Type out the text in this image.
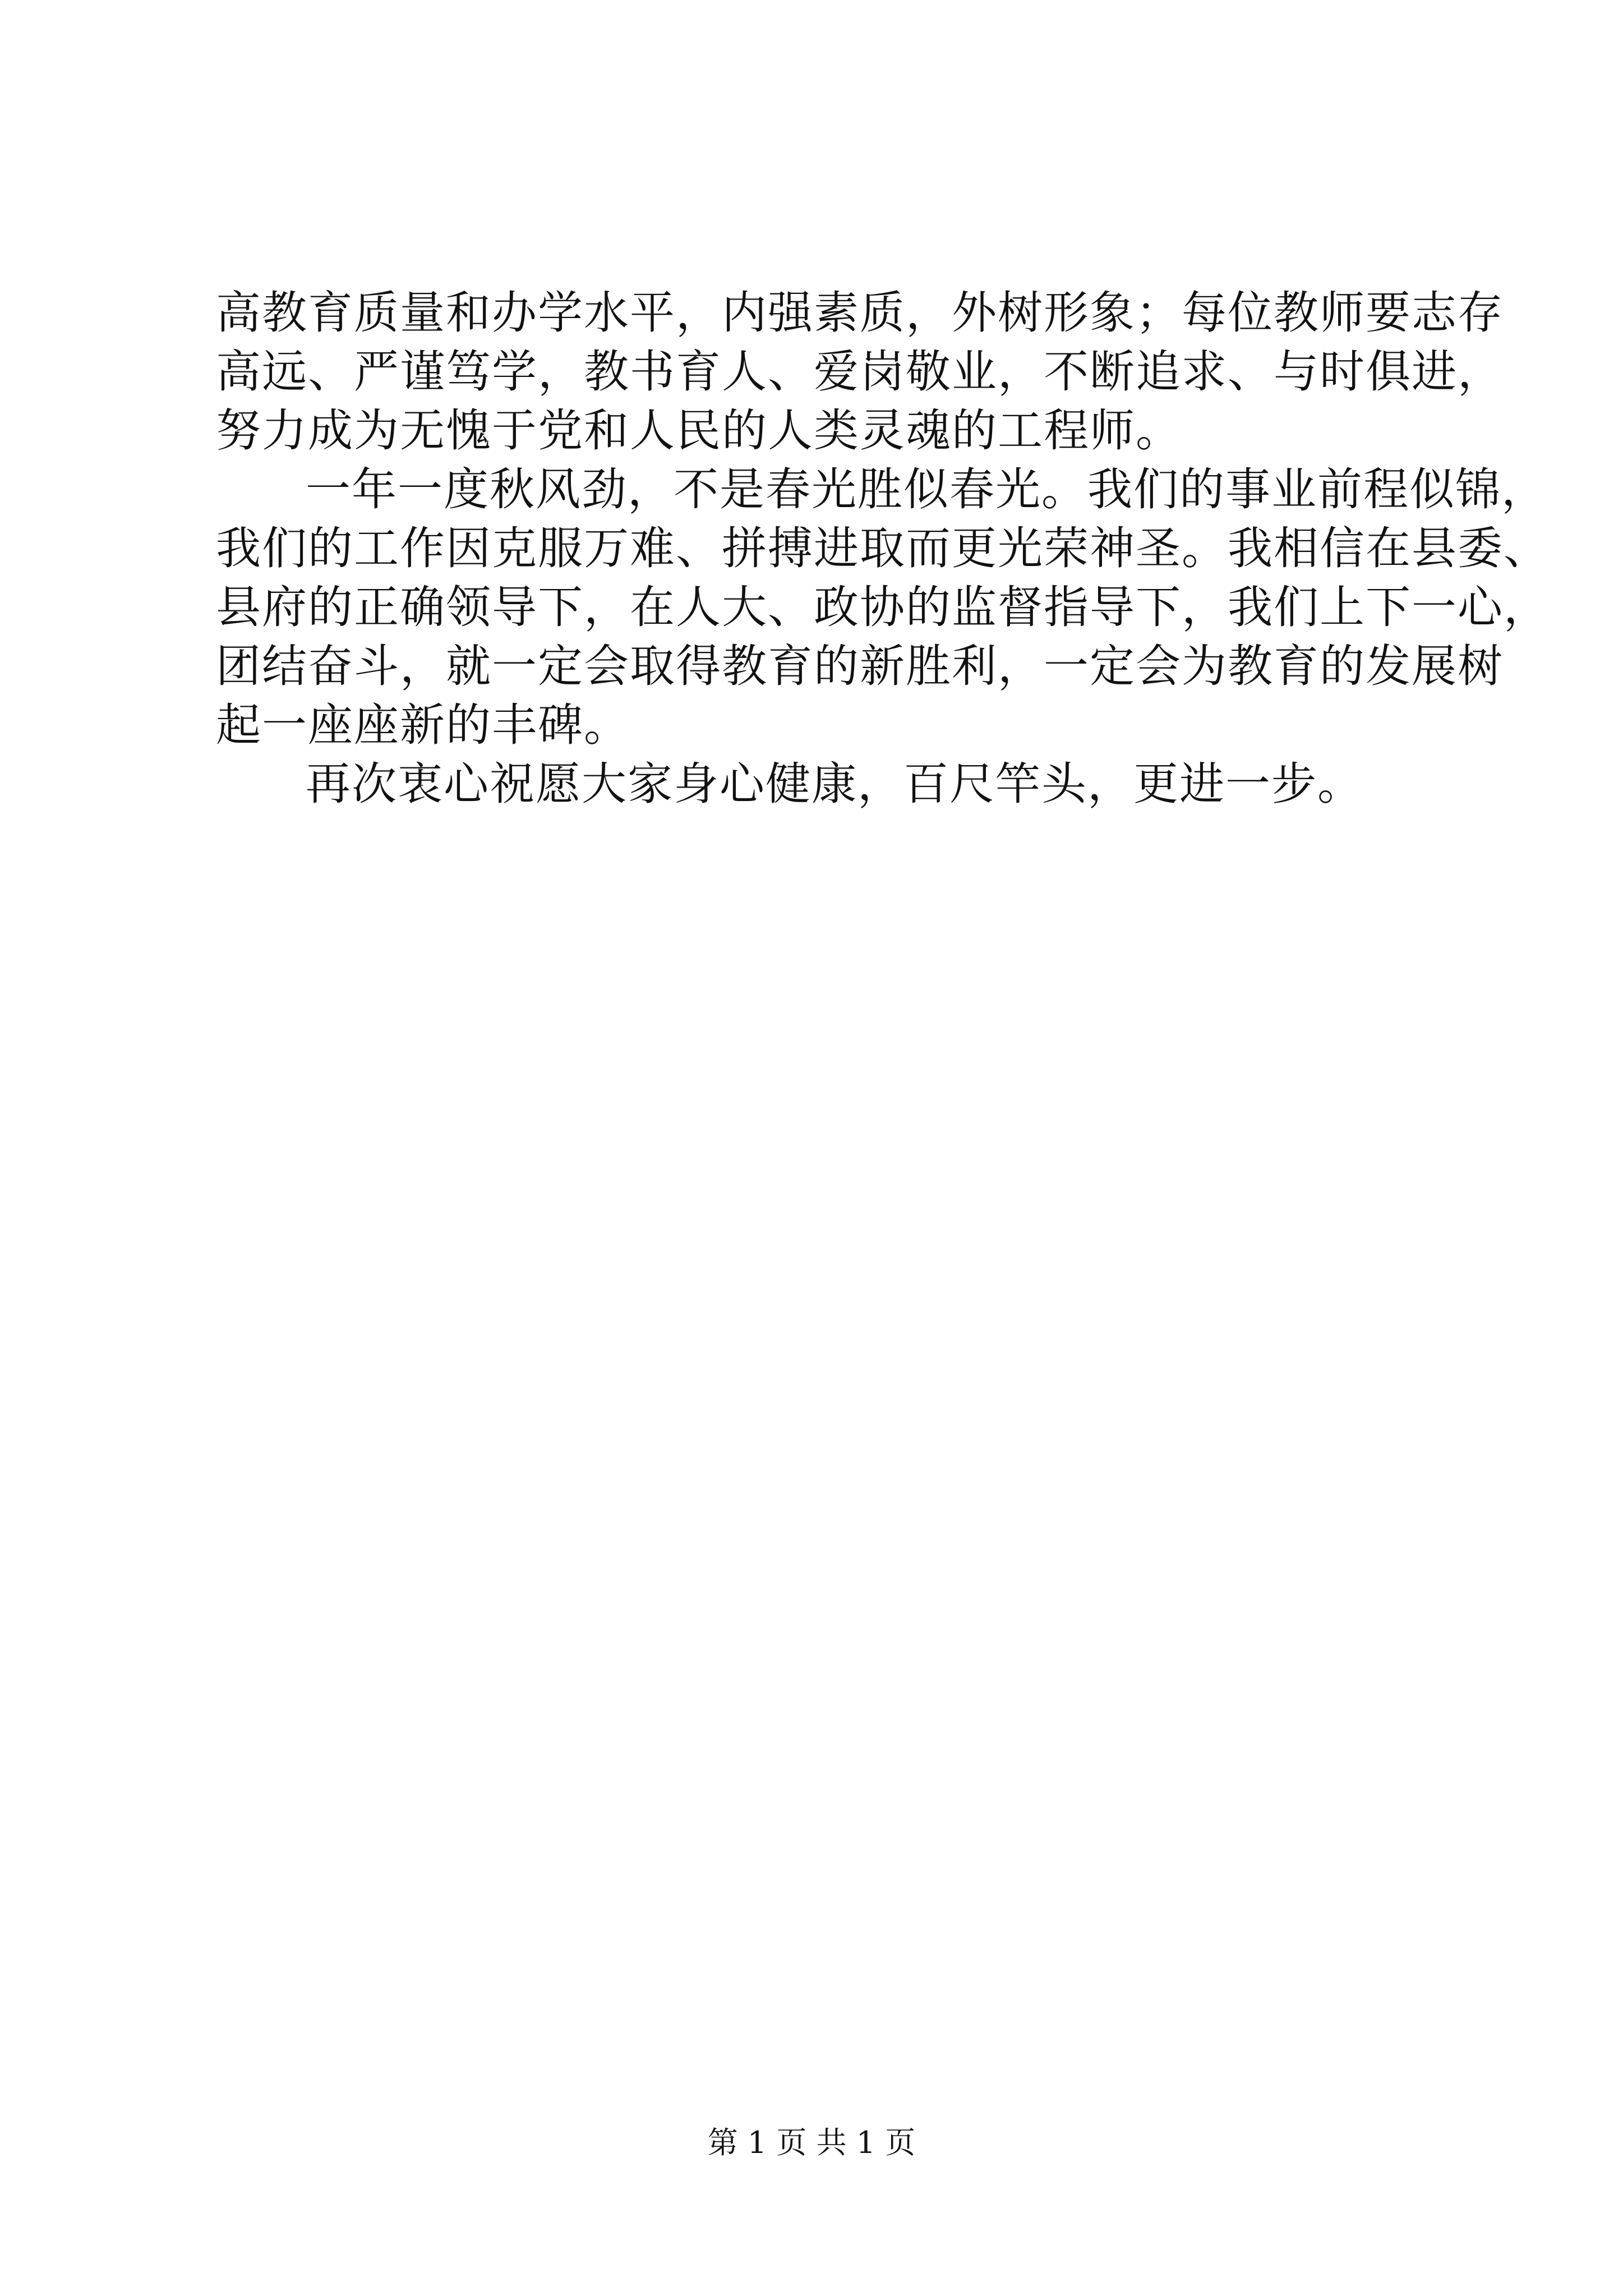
高教育质量和办学水平，内强素质，外树形象；每位教师要志存

高远、严谨笃学，教书育人、爱岗敬业，不断追求、与时俱进，

努力成为无愧于党和人民的人类灵魂的工程师。

一年一度秋风劲，不是春光胜似春光。我们的事业前程似锦，

我们的工作因克服万难、拼搏进取而更光荣神圣。我相信在县委、

县府的正确领导下，在人大、政协的监督指导下，我们上下一心，

团结奋斗，就一定会取得教育的新胜利，一定会为教育的发展树

起一座座新的丰碑。

再次衷心祝愿大家身心健康，百尺竿头，更进一步。

第 1 页 共 1 页
